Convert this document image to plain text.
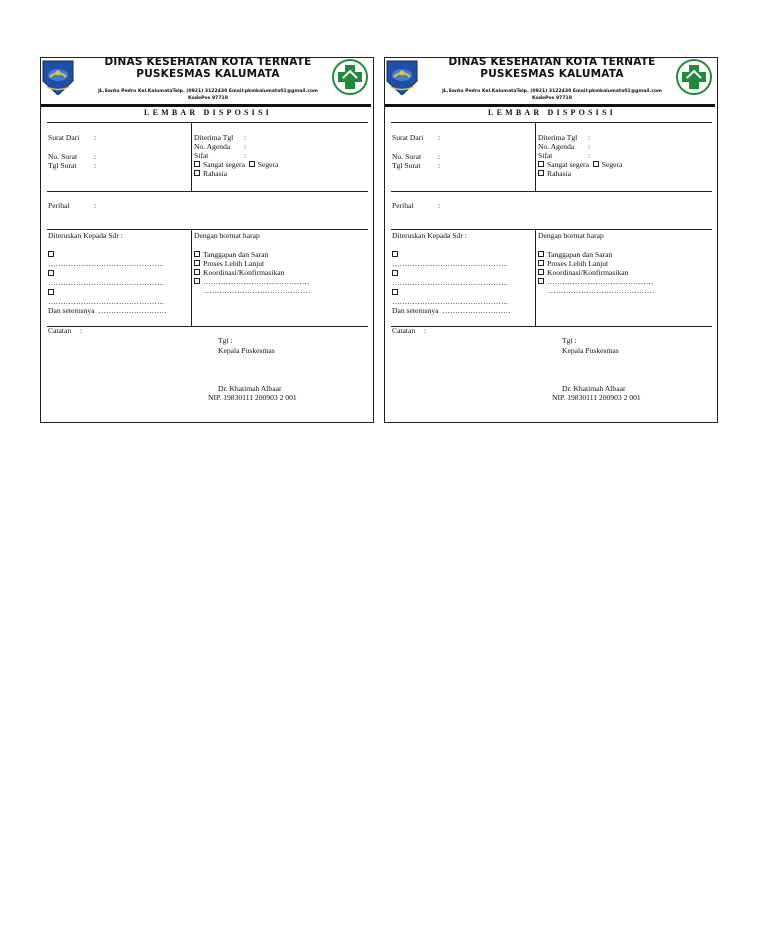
DINAS KESEHATAN KOTA TERNATE
PUSKESMAS KALUMATA
JL.Santo Pedro Kel.KalumataTelp. (0921) 3122430 Email:pkmkalumata01@gmail.com
KodePos 97718
LEMBAR DISPOSISI
Surat Dari :
No. Surat :
Tgl Surat :
Diterima Tgl :
No. Agenda :
Sifat	:
Sangat segera Segera
Rahasia
Perihal	:
Diteruskan Kepada Sdr :
……………………………………….
……………………………………….
……………………………………….
Dan seterusnya ………………………
Dengan hormat harap
Tanggapan dan Saran
Proses Lebih Lanjut
Koordinasi/Konfirmasikan
……………………………………
……………………………………
Catatan :
Tgl :
Kepala Puskesmas
Dr. Khatimah Albaar
NIP. 19830111 200903 2 001
DINAS KESEHATAN KOTA TERNATE
PUSKESMAS KALUMATA
JL.Santo Pedro Kel.KalumataTelp. (0921) 3122430 Email:pkmkalumata01@gmail.com
KodePos 97718
LEMBAR DISPOSISI
Surat Dari :
No. Surat :
Tgl Surat :
Diterima Tgl :
No. Agenda :
Sifat	:
Sangat segera Segera
Rahasia
Perihal	:
Diteruskan Kepada Sdr :
……………………………………….
……………………………………….
……………………………………….
Dan seterusnya ………………………
Dengan hormat harap
Tanggapan dan Saran
Proses Lebih Lanjut
Koordinasi/Konfirmasikan
……………………………………
……………………………………
Catatan :
Tgl :
Kepala Puskesmas
Dr. Khatimah Albaar
NIP. 19830111 200903 2 001
